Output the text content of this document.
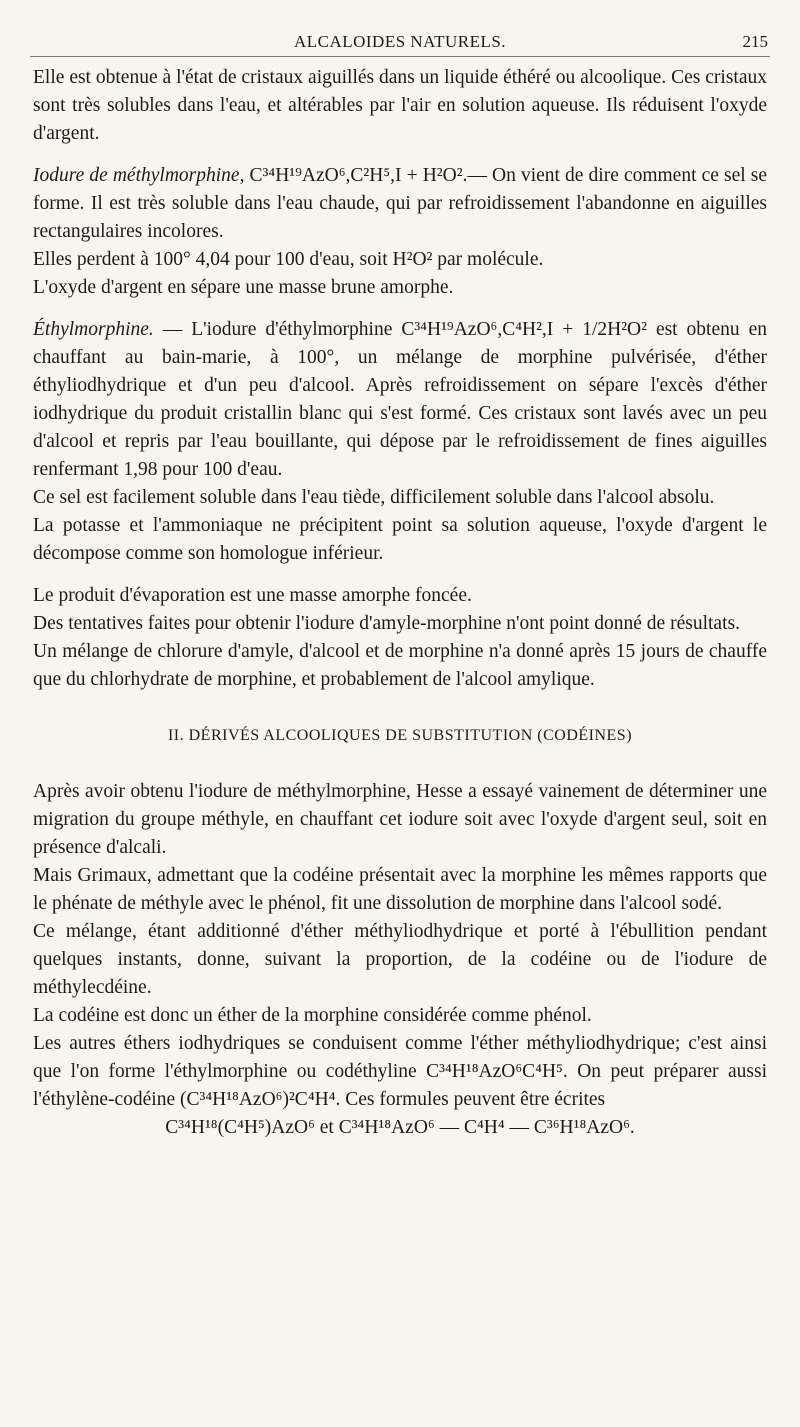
ALCALOIDES NATURELS.	215

Elle est obtenue à l'état de cristaux aiguillés dans un liquide éthéré ou alcoolique. Ces cristaux sont très solubles dans l'eau, et altérables par l'air en solution aqueuse. Ils réduisent l'oxyde d'argent.

Iodure de méthylmorphine, C³⁴H¹⁹AzO⁶,C²H⁵,I + H²O².— On vient de dire comment ce sel se forme. Il est très soluble dans l'eau chaude, qui par refroidissement l'abandonne en aiguilles rectangulaires incolores.

Elles perdent à 100° 4,04 pour 100 d'eau, soit H²O² par molécule.

L'oxyde d'argent en sépare une masse brune amorphe.

Éthylmorphine. — L'iodure d'éthylmorphine C³⁴H¹⁹AzO⁶,C⁴H²,I + 1/2H²O² est obtenu en chauffant au bain-marie, à 100°, un mélange de morphine pulvérisée, d'éther éthyliodhydrique et d'un peu d'alcool. Après refroidissement on sépare l'excès d'éther iodhydrique du produit cristallin blanc qui s'est formé. Ces cristaux sont lavés avec un peu d'alcool et repris par l'eau bouillante, qui dépose par le refroidissement de fines aiguilles renfermant 1,98 pour 100 d'eau.

Ce sel est facilement soluble dans l'eau tiède, difficilement soluble dans l'alcool absolu.

La potasse et l'ammoniaque ne précipitent point sa solution aqueuse, l'oxyde d'argent le décompose comme son homologue inférieur.

Le produit d'évaporation est une masse amorphe foncée.

Des tentatives faites pour obtenir l'iodure d'amyle-morphine n'ont point donné de résultats.

Un mélange de chlorure d'amyle, d'alcool et de morphine n'a donné après 15 jours de chauffe que du chlorhydrate de morphine, et probablement de l'alcool amylique.

II. DÉRIVÉS ALCOOLIQUES DE SUBSTITUTION (CODÉINES)

Après avoir obtenu l'iodure de méthylmorphine, Hesse a essayé vainement de déterminer une migration du groupe méthyle, en chauffant cet iodure soit avec l'oxyde d'argent seul, soit en présence d'alcali.

Mais Grimaux, admettant que la codéine présentait avec la morphine les mêmes rapports que le phénate de méthyle avec le phénol, fit une dissolution de morphine dans l'alcool sodé.

Ce mélange, étant additionné d'éther méthyliodhydrique et porté à l'ébullition pendant quelques instants, donne, suivant la proportion, de la codéine ou de l'iodure de méthylecdéine.

La codéine est donc un éther de la morphine considérée comme phénol.

Les autres éthers iodhydriques se conduisent comme l'éther méthyliodhydrique; c'est ainsi que l'on forme l'éthylmorphine ou codéthyline C³⁴H¹⁸AzO⁶C⁴H⁵. On peut préparer aussi l'éthylène-codéine (C³⁴H¹⁸AzO⁶)²C⁴H⁴. Ces formules peuvent être écrites

C³⁴H¹⁸(C⁴H⁵)AzO⁶ et C³⁴H¹⁸AzO⁶ — C⁴H⁴ — C³⁶H¹⁸AzO⁶.
